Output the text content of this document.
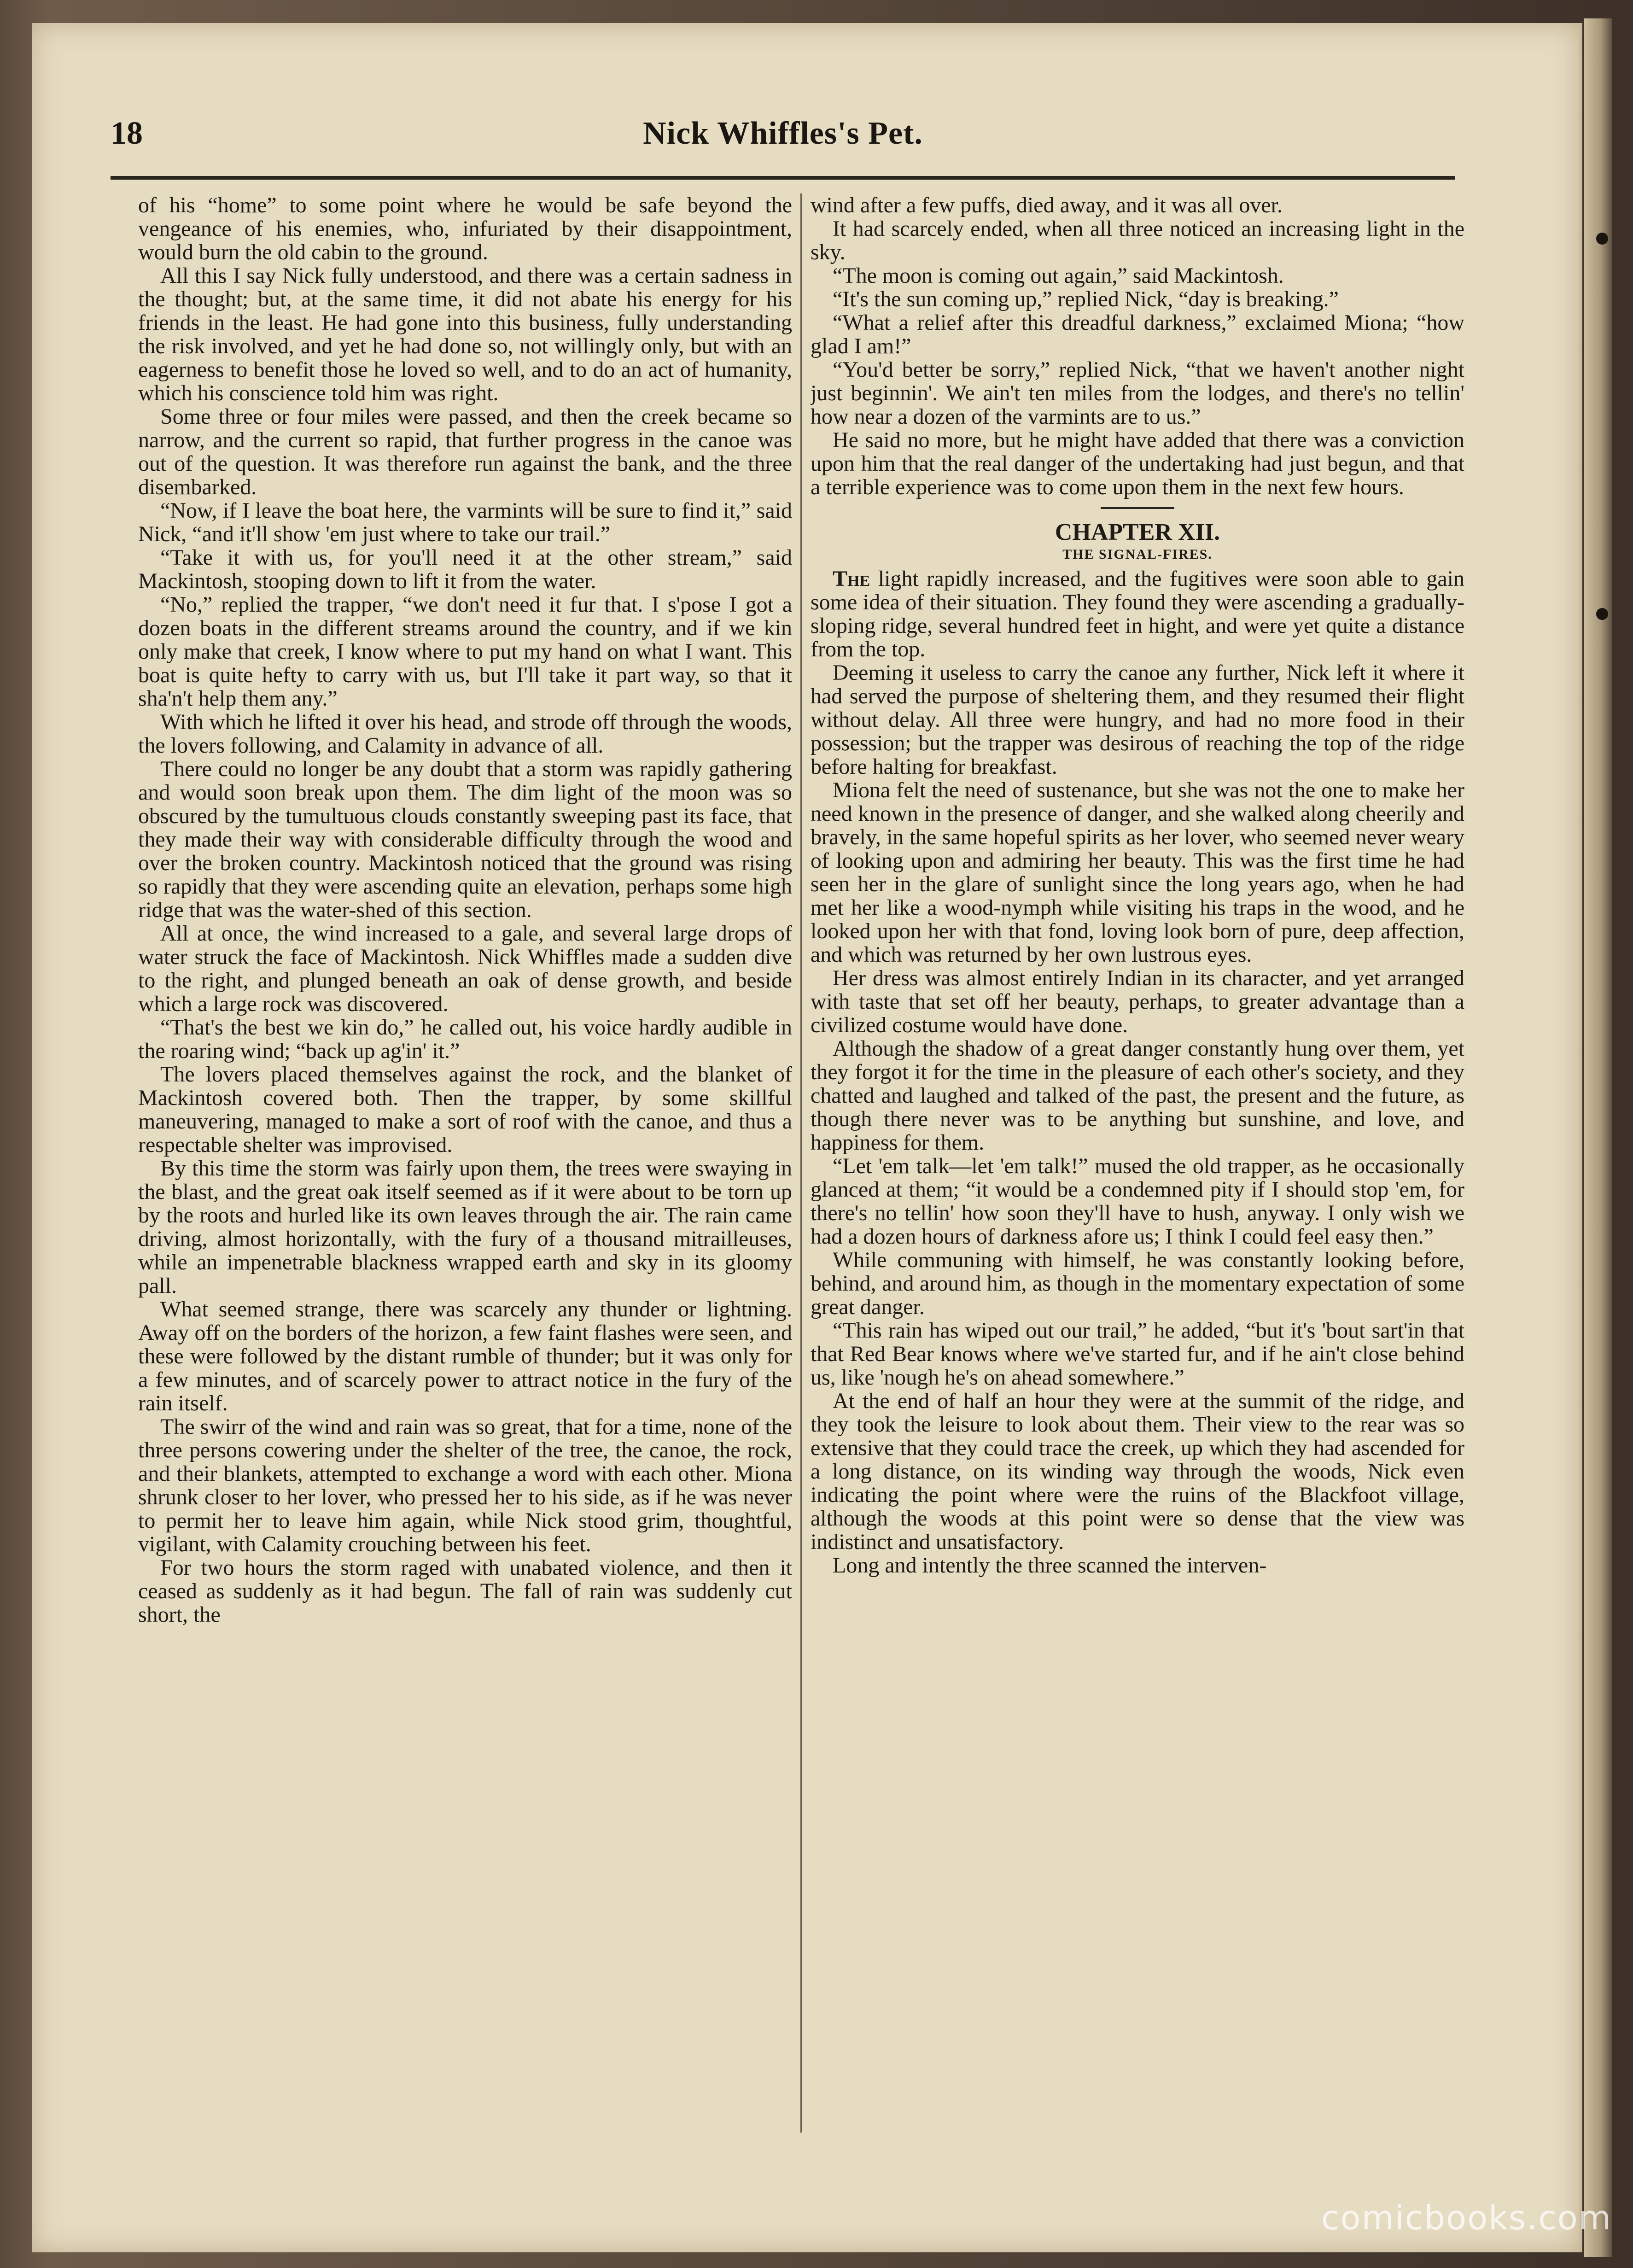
18	Nick Whiffles's Pet.

of his “home” to some point where he would be safe beyond the vengeance of his enemies, who, infuriated by their disappointment, would burn the old cabin to the ground.

All this I say Nick fully understood, and there was a certain sadness in the thought; but, at the same time, it did not abate his energy for his friends in the least. He had gone into this business, fully understanding the risk involved, and yet he had done so, not willingly only, but with an eagerness to benefit those he loved so well, and to do an act of humanity, which his conscience told him was right.

Some three or four miles were passed, and then the creek became so narrow, and the current so rapid, that further progress in the canoe was out of the question. It was therefore run against the bank, and the three disembarked.

“Now, if I leave the boat here, the varmints will be sure to find it,” said Nick, “and it'll show 'em just where to take our trail.”

“Take it with us, for you'll need it at the other stream,” said Mackintosh, stooping down to lift it from the water.

“No,” replied the trapper, “we don't need it fur that. I s'pose I got a dozen boats in the different streams around the country, and if we kin only make that creek, I know where to put my hand on what I want. This boat is quite hefty to carry with us, but I'll take it part way, so that it sha'n't help them any.”

With which he lifted it over his head, and strode off through the woods, the lovers following, and Calamity in advance of all.

There could no longer be any doubt that a storm was rapidly gathering and would soon break upon them. The dim light of the moon was so obscured by the tumultuous clouds constantly sweeping past its face, that they made their way with considerable difficulty through the wood and over the broken country. Mackintosh noticed that the ground was rising so rapidly that they were ascending quite an elevation, perhaps some high ridge that was the water-shed of this section.

All at once, the wind increased to a gale, and several large drops of water struck the face of Mackintosh. Nick Whiffles made a sudden dive to the right, and plunged beneath an oak of dense growth, and beside which a large rock was discovered.

“That's the best we kin do,” he called out, his voice hardly audible in the roaring wind; “back up ag'in' it.”

The lovers placed themselves against the rock, and the blanket of Mackintosh covered both. Then the trapper, by some skillful maneuvering, managed to make a sort of roof with the canoe, and thus a respectable shelter was improvised.

By this time the storm was fairly upon them, the trees were swaying in the blast, and the great oak itself seemed as if it were about to be torn up by the roots and hurled like its own leaves through the air. The rain came driving, almost horizontally, with the fury of a thousand mitrailleuses, while an impenetrable blackness wrapped earth and sky in its gloomy pall.

What seemed strange, there was scarcely any thunder or lightning. Away off on the borders of the horizon, a few faint flashes were seen, and these were followed by the distant rumble of thunder; but it was only for a few minutes, and of scarcely power to attract notice in the fury of the rain itself.

The swirr of the wind and rain was so great, that for a time, none of the three persons cowering under the shelter of the tree, the canoe, the rock, and their blankets, attempted to exchange a word with each other. Miona shrunk closer to her lover, who pressed her to his side, as if he was never to permit her to leave him again, while Nick stood grim, thoughtful, vigilant, with Calamity crouching between his feet.

For two hours the storm raged with unabated violence, and then it ceased as suddenly as it had begun. The fall of rain was suddenly cut short, the

wind after a few puffs, died away, and it was all over.

It had scarcely ended, when all three noticed an increasing light in the sky.

“The moon is coming out again,” said Mackintosh.

“It's the sun coming up,” replied Nick, “day is breaking.”

“What a relief after this dreadful darkness,” exclaimed Miona; “how glad I am!”

“You'd better be sorry,” replied Nick, “that we haven't another night just beginnin'. We ain't ten miles from the lodges, and there's no tellin' how near a dozen of the varmints are to us.”

He said no more, but he might have added that there was a conviction upon him that the real danger of the undertaking had just begun, and that a terrible experience was to come upon them in the next few hours.

CHAPTER XII.
THE SIGNAL-FIRES.

The light rapidly increased, and the fugitives were soon able to gain some idea of their situation. They found they were ascending a gradually-sloping ridge, several hundred feet in hight, and were yet quite a distance from the top.

Deeming it useless to carry the canoe any further, Nick left it where it had served the purpose of sheltering them, and they resumed their flight without delay. All three were hungry, and had no more food in their possession; but the trapper was desirous of reaching the top of the ridge before halting for breakfast.

Miona felt the need of sustenance, but she was not the one to make her need known in the presence of danger, and she walked along cheerily and bravely, in the same hopeful spirits as her lover, who seemed never weary of looking upon and admiring her beauty. This was the first time he had seen her in the glare of sunlight since the long years ago, when he had met her like a wood-nymph while visiting his traps in the wood, and he looked upon her with that fond, loving look born of pure, deep affection, and which was returned by her own lustrous eyes.

Her dress was almost entirely Indian in its character, and yet arranged with taste that set off her beauty, perhaps, to greater advantage than a civilized costume would have done.

Although the shadow of a great danger constantly hung over them, yet they forgot it for the time in the pleasure of each other's society, and they chatted and laughed and talked of the past, the present and the future, as though there never was to be anything but sunshine, and love, and happiness for them.

“Let 'em talk—let 'em talk!” mused the old trapper, as he occasionally glanced at them; “it would be a condemned pity if I should stop 'em, for there's no tellin' how soon they'll have to hush, anyway. I only wish we had a dozen hours of darkness afore us; I think I could feel easy then.”

While communing with himself, he was constantly looking before, behind, and around him, as though in the momentary expectation of some great danger.

“This rain has wiped out our trail,” he added, “but it's 'bout sart'in that that Red Bear knows where we've started fur, and if he ain't close behind us, like 'nough he's on ahead somewhere.”

At the end of half an hour they were at the summit of the ridge, and they took the leisure to look about them. Their view to the rear was so extensive that they could trace the creek, up which they had ascended for a long distance, on its winding way through the woods, Nick even indicating the point where were the ruins of the Blackfoot village, although the woods at this point were so dense that the view was indistinct and unsatisfactory.

Long and intently the three scanned the interven-

comicbooks.com
